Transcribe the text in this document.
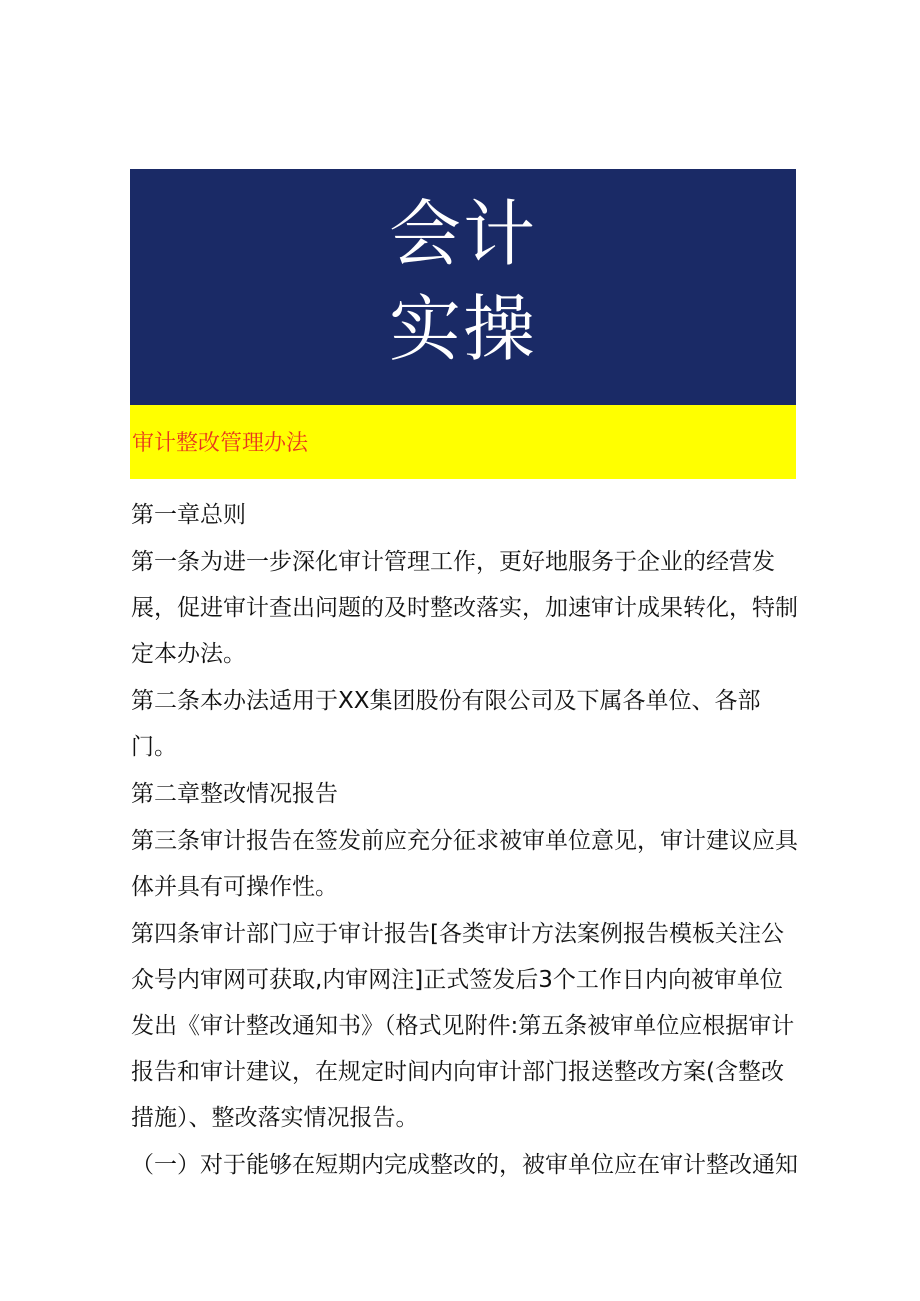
会计
实操
审计整改管理办法

第一章总则

第一条为进一步深化审计管理工作，更好地服务于企业的经营发展，促进审计查出问题的及时整改落实，加速审计成果转化，特制定本办法。

第二条本办法适用于XX集团股份有限公司及下属各单位、各部门。

第二章整改情况报告

第三条审计报告在签发前应充分征求被审单位意见，审计建议应具体并具有可操作性。

第四条审计部门应于审计报告[各类审计方法案例报告模板关注公众号内审网可获取,内审网注]正式签发后3个工作日内向被审单位发出《审计整改通知书》（格式见附件:第五条被审单位应根据审计报告和审计建议，在规定时间内向审计部门报送整改方案(含整改措施）、整改落实情况报告。

（一）对于能够在短期内完成整改的，被审单位应在审计整改通知
